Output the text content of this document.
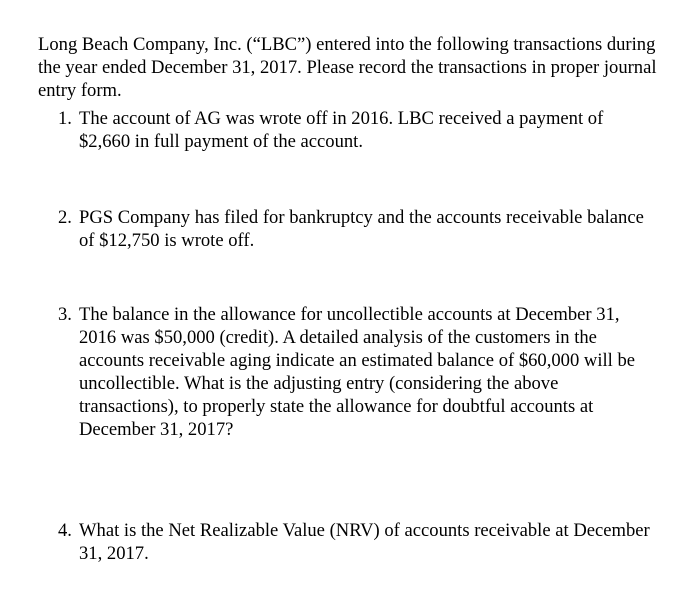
Long Beach Company, Inc. (“LBC”) entered into the following transactions during the year ended December 31, 2017. Please record the transactions in proper journal entry form.

1. The account of AG was wrote off in 2016. LBC received a payment of $2,660 in full payment of the account.
2. PGS Company has filed for bankruptcy and the accounts receivable balance of $12,750 is wrote off.
3. The balance in the allowance for uncollectible accounts at December 31, 2016 was $50,000 (credit). A detailed analysis of the customers in the accounts receivable aging indicate an estimated balance of $60,000 will be uncollectible. What is the adjusting entry (considering the above transactions), to properly state the allowance for doubtful accounts at December 31, 2017?
4. What is the Net Realizable Value (NRV) of accounts receivable at December 31, 2017.
